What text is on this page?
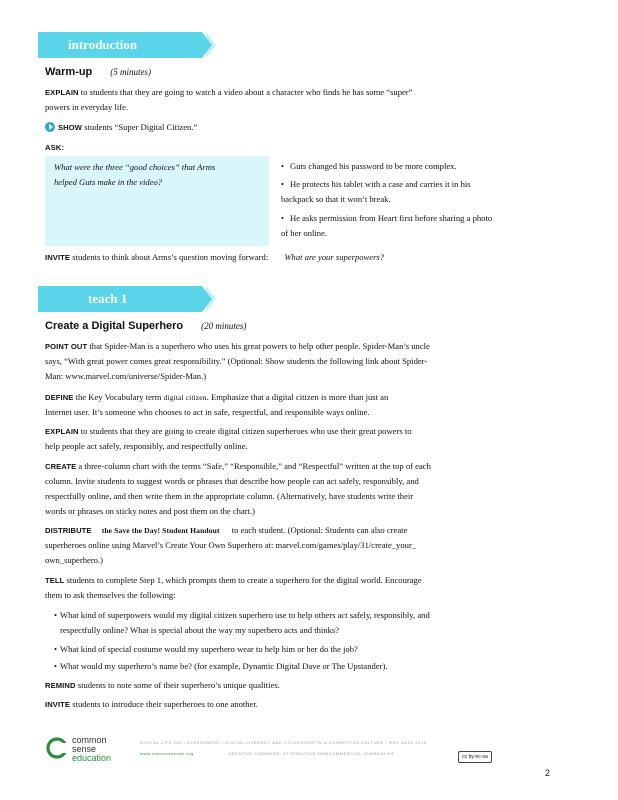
introduction
Warm-up (5 minutes)
EXPLAIN to students that they are going to watch a video about a character who finds he has some “super”
powers in everyday life.
SHOW students “Super Digital Citizen.”
ASK:
What were the three “good choices” that Arms
helped Guts make in the video?
• Guts changed his password to be more complex.
• He protects his tablet with a case and carries it in his
backpack so that it won’t break.
• He asks permission from Heart first before sharing a photo
of her online.
INVITE students to think about Arms’s question moving forward: What are your superpowers?
teach 1
Create a Digital Superhero (20 minutes)
POINT OUT that Spider-Man is a superhero who uses his great powers to help other people. Spider-Man’s uncle
says, “With great power comes great responsibility.” (Optional: Show students the following link about Spider-
Man: www.marvel.com/universe/Spider-Man.)
DEFINE the Key Vocabulary term digital citizen. Emphasize that a digital citizen is more than just an
Internet user. It’s someone who chooses to act in safe, respectful, and responsible ways online.
EXPLAIN to students that they are going to create digital citizen superheroes who use their great powers to
help people act safely, responsibly, and respectfully online.
CREATE a three-column chart with the terms “Safe,” “Responsible,” and “Respectful” written at the top of each
column. Invite students to suggest words or phrases that describe how people can act safely, responsibly, and
respectfully online, and then write them in the appropriate column. (Alternatively, have students write their
words or phrases on sticky notes and post them on the chart.)
DISTRIBUTE the Save the Day! Student Handout to each student. (Optional: Students can also create
superheroes online using Marvel’s Create Your Own Superhero at: marvel.com/games/play/31/create_your_
own_superhero.)
TELL students to complete Step 1, which prompts them to create a superhero for the digital world. Encourage
them to ask themselves the following:
• What kind of superpowers would my digital citizen superhero use to help others act safely, responsibly, and
respectfully online? What is special about the way my superhero acts and thinks?
• What kind of special costume would my superhero wear to help him or her do the job?
• What would my superhero’s name be? (for example, Dynamic Digital Dave or The Upstander).
REMIND students to note some of their superhero’s unique qualities.
INVITE students to introduce their superheroes to one another.
common
sense
education
DIGITAL LIFE 101 / ASSESSMENT / DIGITAL LITERACY AND CITIZENSHIP IN A CONNECTED CULTURE / REV DATE 2015
www.commonsense.org	CREATIVE COMMONS: ATTRIBUTION-NONCOMMERCIAL-SHAREALIKE
cc by-nc-sa
2
